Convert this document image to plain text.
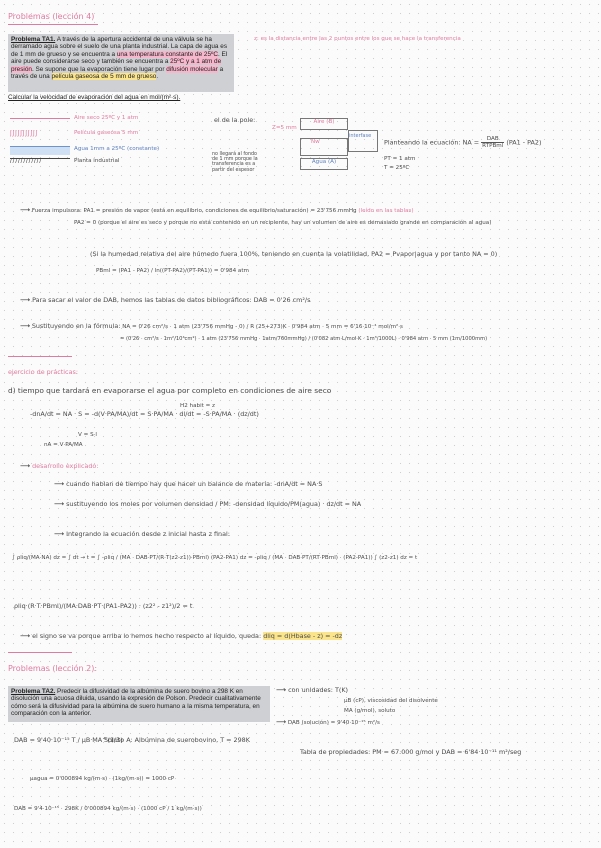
Problemas (lección 4)
Problema TA1. A través de la apertura accidental de una válvula se ha derramado agua sobre el suelo de una planta industrial. La capa de agua es de 1 mm de grueso y se encuentra a una temperatura constante de 25ºC. El aire puede considerarse seco y también se encuentra a 25ºC y a 1 atm de presión. Se supone que la evaporación tiene lugar por difusión molecular a través de una película gaseosa de 5 mm de grueso.
Calcular la velocidad de evaporación del agua en mol/(m²·s).
z: es la distancia entre las 2 puntos entre los que se hace la transferencia
ʃʃʃʃʃʃʃʃʃʃʃ
////////////
Aire seco 25ºC y 1 atm
Película gaseosa 5 mm
Agua 1mm a 25ºC (constante)
Planta industrial
el de la pole:
Z=5 mm
Aire (B)
Nw
Agua (A)
interfase
no llegará al fondo de 1 mm porque la transferencia es a partir del espesor
Planteando la ecuación: NA = $\frac{\text{DAB}}{\text{RTPBml}} (PA1 - PA2)$
PT = 1 atm
T = 25ºC
⟶ Fuerza impulsora: PA1 = presión de vapor (está en equilibrio, condiciones de equilibrio/saturación) = 23'756 mmHg (leído en las tablas)
PA2 = 0 (porque el aire es seco y porque no está contenido en un recipiente, hay un volumen de aire es demasiado grande en comparación al agua)
(Si la humedad relativa del aire húmedo fuera 100%, teniendo en cuenta la volatilidad, PA2 = Pvapor|agua y por tanto NA = 0)
PBml = (PA1 - PA2) / ln((PT-PA2)/(PT-PA1)) = 0'984 atm
⟶ Para sacar el valor de DAB, hemos las tablas de datos bibliográficos: DAB = 0'26 cm²/s
⟶ Sustituyendo en la fórmula: NA = 0'26 cm²/s · 1 atm (23'756 mmHg - 0) / R (25+273)K · 0'984 atm · 5 mm = 6'16·10⁻⁴ mol/m²·s
= (0'26 · cm²/s · 1m²/10⁴cm²) · 1 atm (23'756 mmHg · 1atm/760mmHg) / (0'082 atm·L/mol·K · 1m³/1000L) · 0'984 atm · 5 mm (1m/1000mm)
ejercicio de prácticas:
d) tiempo que tardará en evaporarse el agua por completo en condiciones de aire seco
-dnA/dt = NA · S = -d(V·PA/MA)/dt = S·PA/MA · dl/dt = -S·PA/MA · (dz/dt)
H2 habit = z
nA = V·PA/MA
V = S·l
⟶ desarrollo explicado:
⟶ cuando hablan de tiempo hay que hacer un balance de materia: -dnA/dt = NA·S
⟶ sustituyendo los moles por volumen densidad / PM: -densidad líquido/PM(agua) · dz/dt = NA
⟶ Integrando la ecuación desde z inicial hasta z final:
∫ ρliq/(MA·NA) dz = ∫ dt → t = ∫ -ρliq / (MA · DAB·PT/(R·T(z2-z1))·PBml) (PA2-PA1) dz = -ρliq / (MA · DAB·PT/(RT·PBml) · (PA2-PA1)) ∫ (z2-z1) dz = t
ρliq·(R·T·PBml)/(MA·DAB·PT·(PA1-PA2)) · (z2² - z1²)/2 = t
⟶ el signo se va porque arriba lo hemos hecho respecto al líquido, queda: dliq = d(Hbase - z) = -dz
Problemas (lección 2):
Problema TA2. Predecir la difusividad de la albúmina de suero bovino a 298 K en disolución una acuosa diluida, usando la expresión de Polson. Predecir cualitativamente cómo será la difusividad para la albúmina de suero humano a la misma temperatura, en comparación con la anterior.
⟶ con unidades: T(K)
μB (cP), viscosidad del disolvente
MA (g/mol), soluto
⟶ DAB (solución) = 9'40·10⁻¹⁵ m²/s
DAB = 9'40·10⁻¹⁵ T / μB·MA^(1/3)
Soluto A: Albúmina de suerobovino, T = 298K
Tabla de propiedades: PM = 67.000 g/mol y DAB = 6'84·10⁻¹¹ m²/seg
μagua = 0'000894 kg/(m·s) · (1kg/(m·s)) = 1000 cP
DAB = 9'4·10⁻¹⁵ · 298K / 0'000894 kg/(m·s) · (1000 cP / 1 kg/(m·s))
